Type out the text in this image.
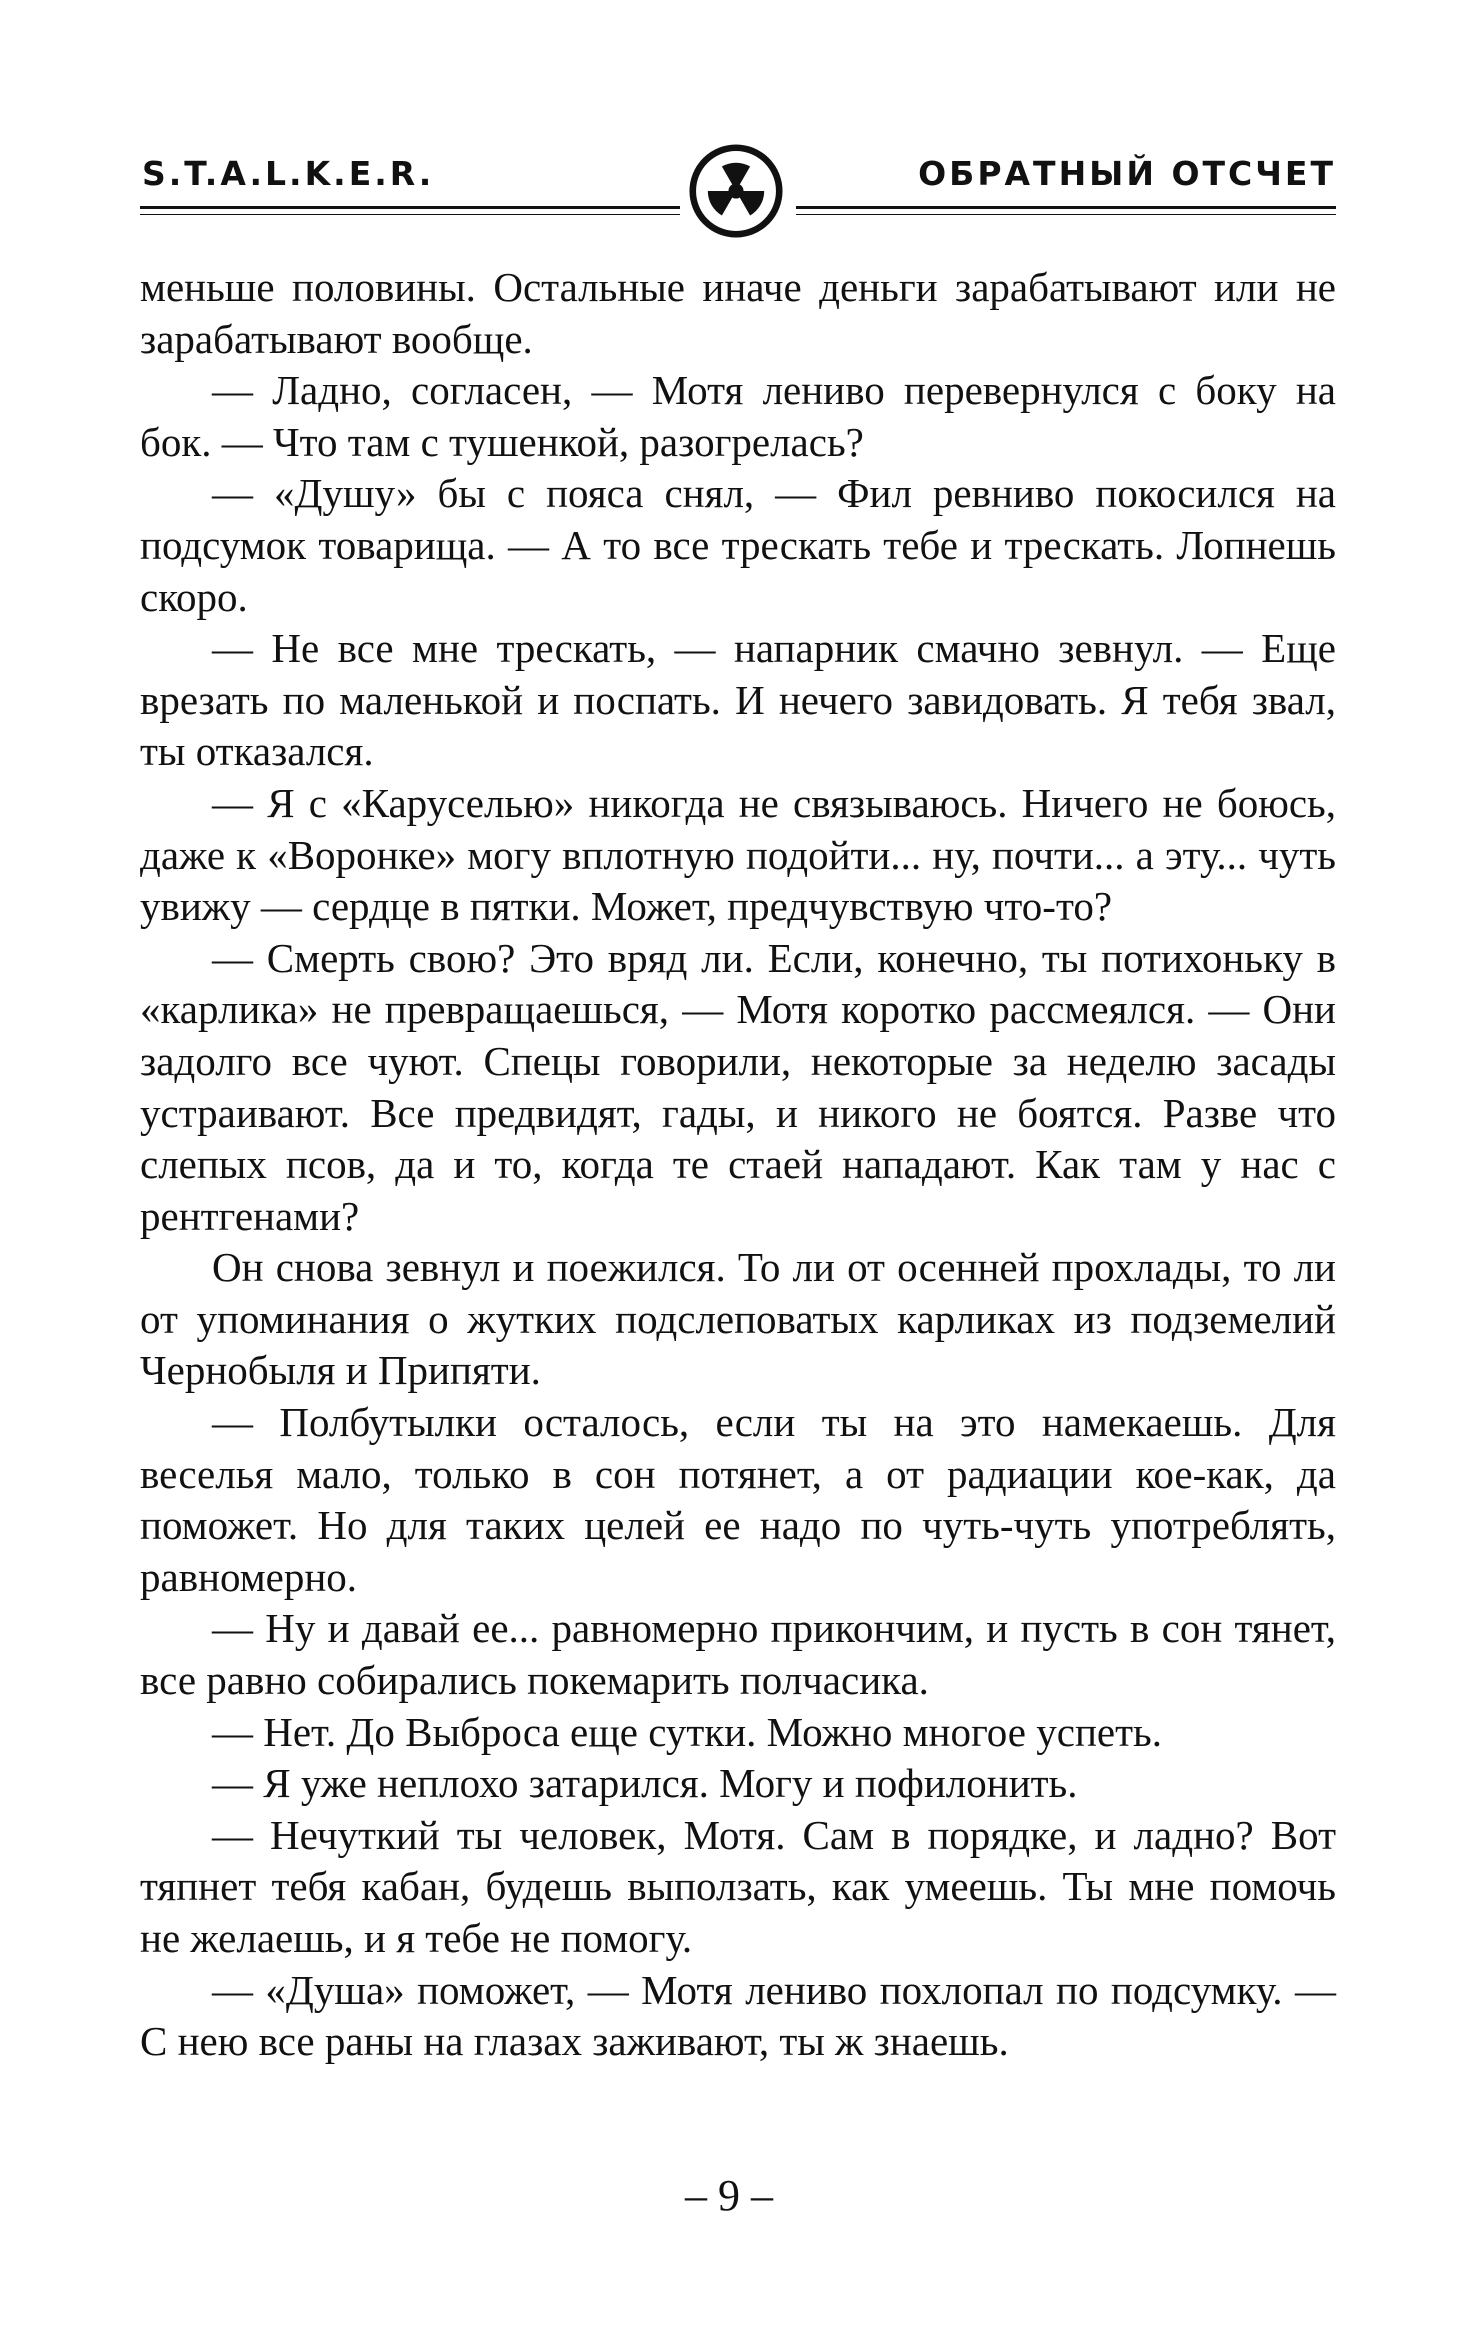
S.T.A.L.K.E.R.	ОБРАТНЫЙ ОТСЧЕТ

меньше половины. Остальные иначе деньги зарабатывают или не зарабатывают вообще.

— Ладно, согласен, — Мотя лениво перевернулся с боку на бок. — Что там с тушенкой, разогрелась?

— «Душу» бы с пояса снял, — Фил ревниво покосился на подсумок товарища. — А то все трескать тебе и трескать. Лопнешь скоро.

— Не все мне трескать, — напарник смачно зевнул. — Еще врезать по маленькой и поспать. И нечего завидовать. Я тебя звал, ты отказался.

— Я с «Каруселью» никогда не связываюсь. Ничего не боюсь, даже к «Воронке» могу вплотную подойти... ну, почти... а эту... чуть увижу — сердце в пятки. Может, предчувствую что-то?

— Смерть свою? Это вряд ли. Если, конечно, ты потихоньку в «карлика» не превращаешься, — Мотя коротко рассмеялся. — Они задолго все чуют. Спецы говорили, некоторые за неделю засады устраивают. Все предвидят, гады, и никого не боятся. Разве что слепых псов, да и то, когда те стаей нападают. Как там у нас с рентгенами?

Он снова зевнул и поежился. То ли от осенней прохлады, то ли от упоминания о жутких подслеповатых карликах из подземелий Чернобыля и Припяти.

— Полбутылки осталось, если ты на это намекаешь. Для веселья мало, только в сон потянет, а от радиации кое-как, да поможет. Но для таких целей ее надо по чуть-чуть употреблять, равномерно.

— Ну и давай ее... равномерно прикончим, и пусть в сон тянет, все равно собирались покемарить полчасика.

— Нет. До Выброса еще сутки. Можно многое успеть.

— Я уже неплохо затарился. Могу и пофилонить.

— Нечуткий ты человек, Мотя. Сам в порядке, и ладно? Вот тяпнет тебя кабан, будешь выползать, как умеешь. Ты мне помочь не желаешь, и я тебе не помогу.

— «Душа» поможет, — Мотя лениво похлопал по подсумку. — С нею все раны на глазах заживают, ты ж знаешь.

– 9 –
